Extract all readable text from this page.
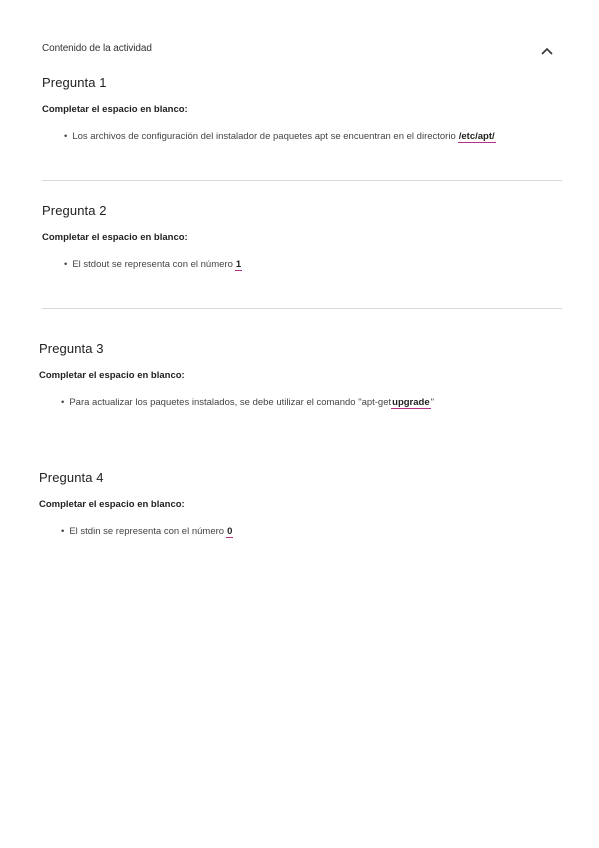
Contenido de la actividad
Pregunta 1
Completar el espacio en blanco:
• Los archivos de configuración del instalador de paquetes apt se encuentran en el directorio /etc/apt/
Pregunta 2
Completar el espacio en blanco:
• El stdout se representa con el número 1
Pregunta 3
Completar el espacio en blanco:
• Para actualizar los paquetes instalados, se debe utilizar el comando "apt-get upgrade "
Pregunta 4
Completar el espacio en blanco:
• El stdin se representa con el número 0
